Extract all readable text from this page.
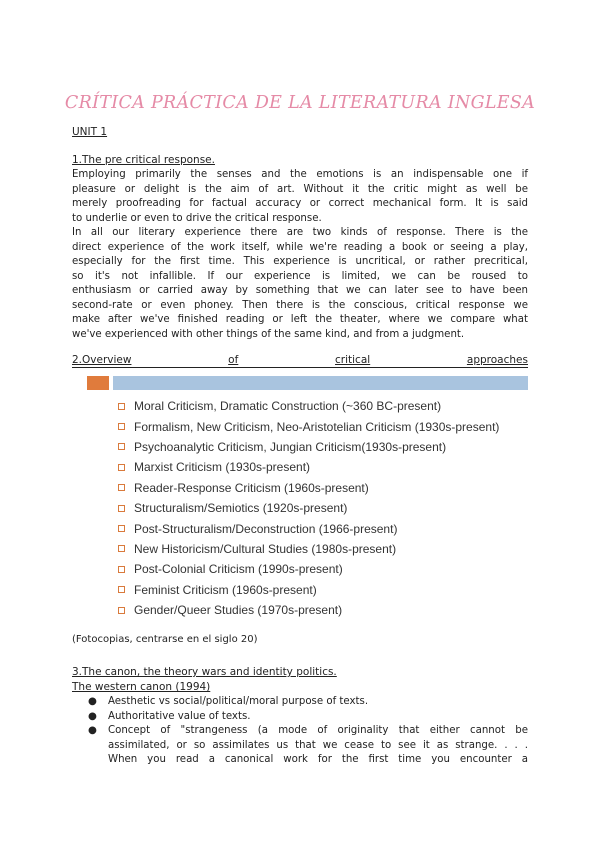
CRÍTICA PRÁCTICA DE LA LITERATURA INGLESA
UNIT 1
1.The pre critical response.
Employing primarily the senses and the emotions is an indispensable one if
pleasure or delight is the aim of art. Without it the critic might as well be
merely proofreading for factual accuracy or correct mechanical form. It is said
to underlie or even to drive the critical response.
In all our literary experience there are two kinds of response. There is the
direct experience of the work itself, while we're reading a book or seeing a play,
especially for the first time. This experience is uncritical, or rather precritical,
so it's not infallible. If our experience is limited, we can be roused to
enthusiasm or carried away by something that we can later see to have been
second-rate or even phoney. Then there is the conscious, critical response we
make after we've finished reading or left the theater, where we compare what
we've experienced with other things of the same kind, and from a judgment.
2.Overview	of	critical	approaches
Moral Criticism, Dramatic Construction (~360 BC-present)
Formalism, New Criticism, Neo-Aristotelian Criticism (1930s-present)
Psychoanalytic Criticism, Jungian Criticism(1930s-present)
Marxist Criticism (1930s-present)
Reader-Response Criticism (1960s-present)
Structuralism/Semiotics (1920s-present)
Post-Structuralism/Deconstruction (1966-present)
New Historicism/Cultural Studies (1980s-present)
Post-Colonial Criticism (1990s-present)
Feminist Criticism (1960s-present)
Gender/Queer Studies (1970s-present)
(Fotocopias, centrarse en el siglo 20)
3.The canon, the theory wars and identity politics.
The western canon (1994)
● Aesthetic vs social/political/moral purpose of texts.
● Authoritative value of texts.
● Concept of "strangeness (a mode of originality that either cannot be
assimilated, or so assimilates us that we cease to see it as strange. . . .
When you read a canonical work for the first time you encounter a
